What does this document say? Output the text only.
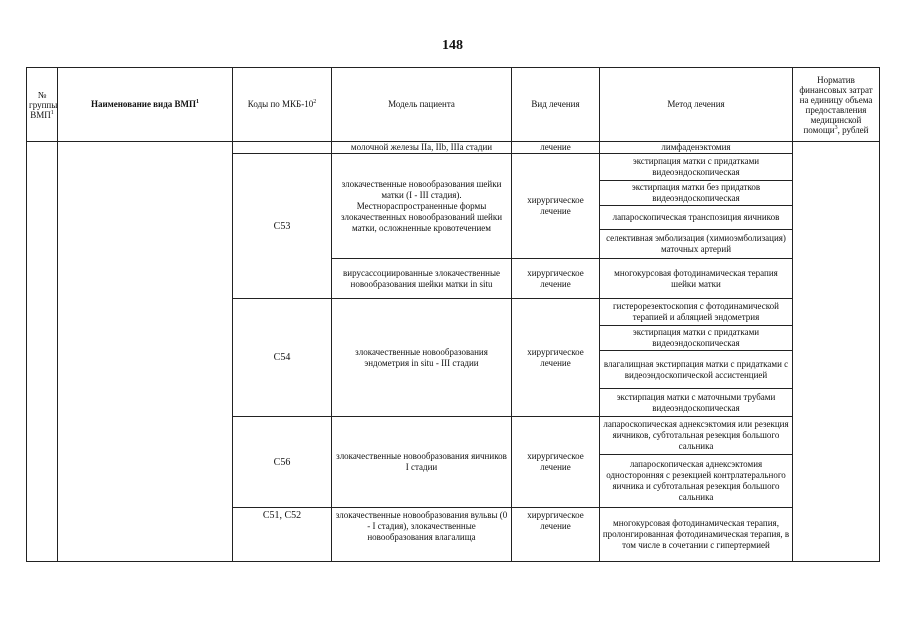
148
№ группы ВМП$^1$	Наименование вида ВМП$^1$	Коды по МКБ-$10^2$	Модель пациента	Вид лечения	Метод лечения	Норматив финансовых затрат на единицу объема предоставления медицинской помощи$^3$, рублей
			молочной железы IIa, IIb, IIIa стадии	лечение	лимфаденэктомия	
		C53	злокачественные новообразования шейки матки (I - III стадия). Местнораспространенные формы злокачественных новообразований шейки матки, осложненные кровотечением	хирургическое лечение	экстирпация матки с придатками видеоэндоскопическая	
					экстирпация матки без придатков видеоэндоскопическая	
					лапароскопическая транспозиция яичников	
					селективная эмболизация (химиоэмболизация) маточных артерий	
			вирусассоциированные злокачественные новообразования шейки матки in situ	хирургическое лечение	многокурсовая фотодинамическая терапия шейки матки	
		C54	злокачественные новообразования эндометрия in situ - III стадии	хирургическое лечение	гистерорезектоскопия с фотодинамической терапией и абляцией эндометрия	
					экстирпация матки с придатками видеоэндоскопическая	
					влагалищная экстирпация матки с придатками с видеоэндоскопической ассистенцией	
					экстирпация матки с маточными трубами видеоэндоскопическая	
		C56	злокачественные новообразования яичников I стадии	хирургическое лечение	лапароскопическая аднексэктомия или резекция яичников, субтотальная резекция большого сальника	
					лапароскопическая аднексэктомия односторонняя с резекцией контрлатерального яичника и субтотальная резекция большого сальника	
		C51, C52	злокачественные новообразования вульвы (0 - I стадия), злокачественные новообразования влагалища	хирургическое лечение	многокурсовая фотодинамическая терапия, пролонгированная фотодинамическая терапия, в том числе в сочетании с гипертермией	
